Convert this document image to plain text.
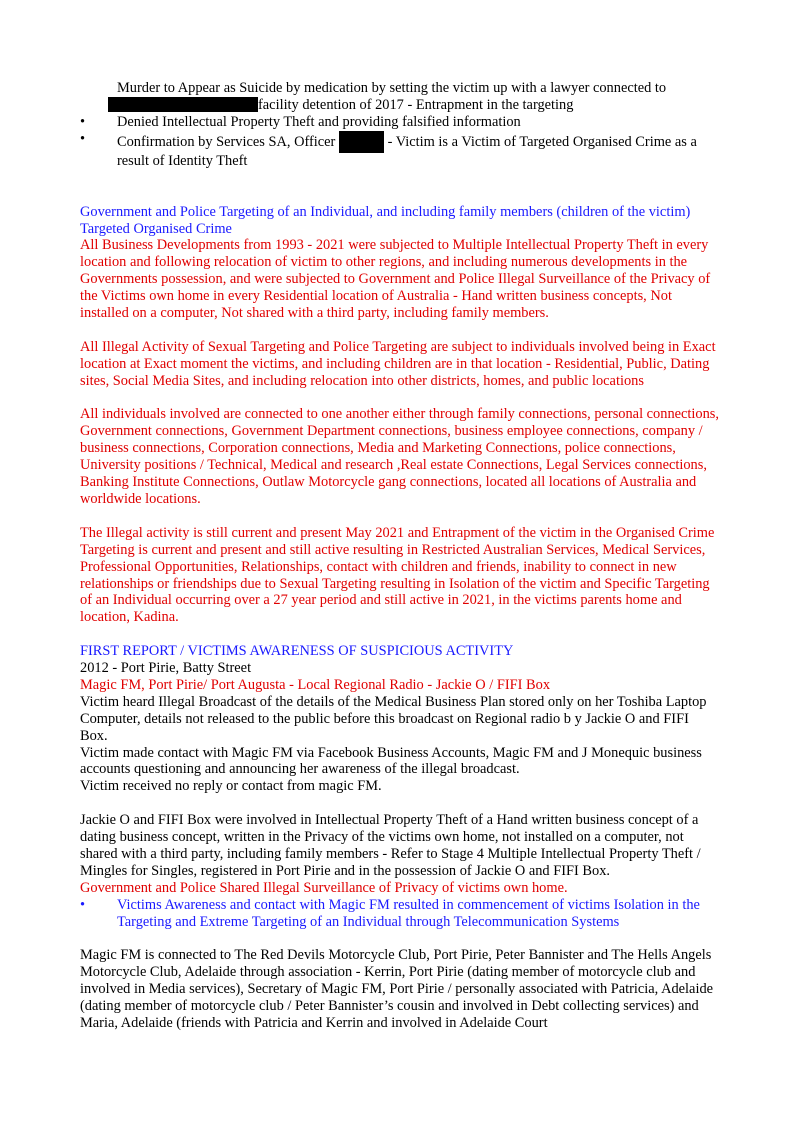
Murder to Appear as Suicide by medication by setting the victim up with a lawyer connected to

facility detention of 2017 - Entrapment in the targeting

• Denied Intellectual Property Theft and providing falsified information

• Confirmation by Services SA, Officer	- Victim is a Victim of Targeted Organised Crime as a result of Identity Theft

Government and Police Targeting of an Individual, and including family members (children of the victim)

Targeted Organised Crime

All Business Developments from 1993 - 2021 were subjected to Multiple Intellectual Property Theft in every location and following relocation of victim to other regions, and including numerous developments in the Governments possession, and were subjected to Government and Police Illegal Surveillance of the Privacy of the Victims own home in every Residential location of Australia - Hand written business concepts, Not installed on a computer, Not shared with a third party, including family members.

All Illegal Activity of Sexual Targeting and Police Targeting are subject to individuals involved being in Exact location at Exact moment the victims, and including children are in that location - Residential, Public, Dating sites, Social Media Sites, and including relocation into other districts, homes, and public locations

All individuals involved are connected to one another either through family connections, personal connections, Government connections, Government Department connections, business employee connections, company / business connections, Corporation connections, Media and Marketing Connections, police connections, University positions / Technical, Medical and research ,Real estate Connections, Legal Services connections, Banking Institute Connections, Outlaw Motorcycle gang connections, located all locations of Australia and worldwide locations.

The Illegal activity is still current and present May 2021 and Entrapment of the victim in the Organised Crime Targeting is current and present and still active resulting in Restricted Australian Services, Medical Services, Professional Opportunities, Relationships, contact with children and friends, inability to connect in new relationships or friendships due to Sexual Targeting resulting in Isolation of the victim and Specific Targeting of an Individual occurring over a 27 year period and still active in 2021, in the victims parents home and location, Kadina.

FIRST REPORT / VICTIMS AWARENESS OF SUSPICIOUS ACTIVITY

2012 - Port Pirie, Batty Street

Magic FM, Port Pirie/ Port Augusta - Local Regional Radio - Jackie O / FIFI Box

Victim heard Illegal Broadcast of the details of the Medical Business Plan stored only on her Toshiba Laptop Computer, details not released to the public before this broadcast on Regional radio b y Jackie O and FIFI Box.

Victim made contact with Magic FM via Facebook Business Accounts, Magic FM and J Monequic business accounts questioning and announcing her awareness of the illegal broadcast.

Victim received no reply or contact from magic FM.

Jackie O and FIFI Box were involved in Intellectual Property Theft of a Hand written business concept of a dating business concept, written in the Privacy of the victims own home, not installed on a computer, not shared with a third party, including family members - Refer to Stage 4 Multiple Intellectual Property Theft / Mingles for Singles, registered in Port Pirie and in the possession of Jackie O and FIFI Box.

Government and Police Shared Illegal Surveillance of Privacy of victims own home.

• Victims Awareness and contact with Magic FM resulted in commencement of victims Isolation in the Targeting and Extreme Targeting of an Individual through Telecommunication Systems

Magic FM is connected to The Red Devils Motorcycle Club, Port Pirie, Peter Bannister and The Hells Angels Motorcycle Club, Adelaide through association - Kerrin, Port Pirie (dating member of motorcycle club and involved in Media services), Secretary of Magic FM, Port Pirie / personally associated with Patricia, Adelaide (dating member of motorcycle club / Peter Bannister’s cousin and involved in Debt collecting services) and Maria, Adelaide (friends with Patricia and Kerrin and involved in Adelaide Court
